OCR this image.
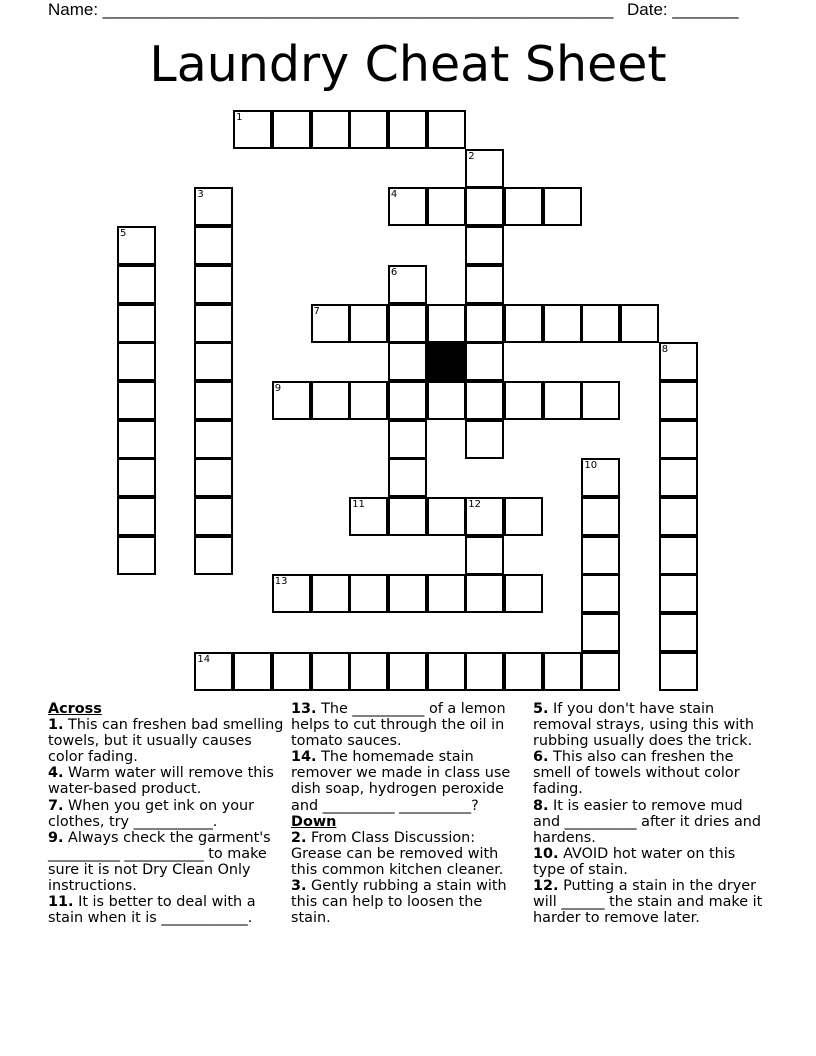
Name: ______________________________________________________ Date: _______
Laundry Cheat Sheet
1
2
3	4
5
6
7
8
9
10
11	12
13
14

Across

1. This can freshen bad smelling towels, but it usually causes color fading.

4. Warm water will remove this water-based product.

7. When you get ink on your clothes, try ___________.

9. Always check the garment's __________ ___________ to make sure it is not Dry Clean Only instructions.

11. It is better to deal with a stain when it is ____________.

13. The __________ of a lemon helps to cut through the oil in tomato sauces.

14. The homemade stain remover we made in class use dish soap, hydrogen peroxide and __________ __________?

Down

2. From Class Discussion: Grease can be removed with this common kitchen cleaner.

3. Gently rubbing a stain with this can help to loosen the stain.

5. If you don't have stain removal strays, using this with rubbing usually does the trick.

6. This also can freshen the smell of towels without color fading.

8. It is easier to remove mud and __________ after it dries and hardens.

10. AVOID hot water on this type of stain.

12. Putting a stain in the dryer will ______ the stain and make it harder to remove later.
